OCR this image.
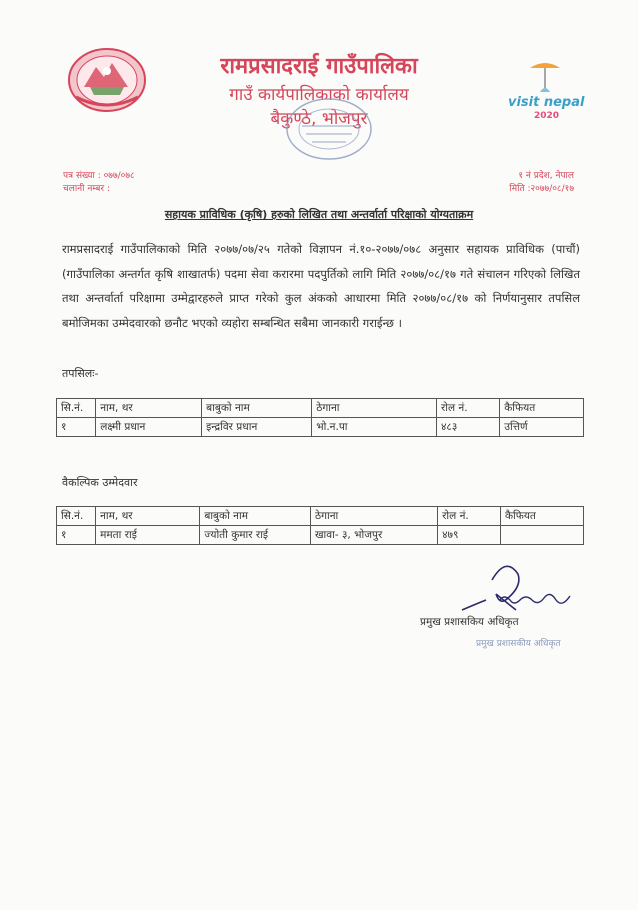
रामप्रसादराई गाउँपालिका
गाउँ कार्यपालिकाको कार्यालय
बैकुण्ठे, भोजपुर
visit nepal
2020
पत्र संख्या : ०७७/०७८
चलानी नम्बर :
१ नं प्रदेश, नेपाल
मिति :२०७७/०८/१७
सहायक प्राविधिक (कृषि) हरुको लिखित तथा अन्तर्वार्ता परिक्षाको योग्यताक्रम
रामप्रसादराई गाउँपालिकाको मिति २०७७/०७/२५ गतेको विज्ञापन नं.१०-२०७७/०७८ अनुसार सहायक प्राविधिक (पाचौं) (गाउँपालिका अन्तर्गत कृषि शाखातर्फ) पदमा सेवा करारमा पदपुर्तिको लागि मिति २०७७/०८/१७ गते संचालन गरिएको लिखित तथा अन्तर्वार्ता परिक्षामा उम्मेद्वारहरुले प्राप्त गरेको कुल अंकको आधारमा मिति २०७७/०८/१७ को निर्णयानुसार तपसिल बमोजिमका उम्मेदवारको छनौट भएको व्यहोरा सम्बन्धित सबैमा जानकारी गराईन्छ ।
तपसिलः-
सि.नं.	नाम, थर	बाबुको नाम	ठेगाना	रोल नं.	कैफियत
१	लक्ष्मी प्रधान	इन्द्रविर प्रधान	भो.न.पा	४८३	उत्तिर्ण
वैकल्पिक उम्मेदवार
सि.नं.	नाम, थर	बाबुको नाम	ठेगाना	रोल नं.	कैफियत
१	ममता राई	ज्योती कुमार राई	खावा- ३, भोजपुर	४७९	
प्रमुख प्रशासकिय अधिकृत
प्रमुख प्रशासकीय अधिकृत
